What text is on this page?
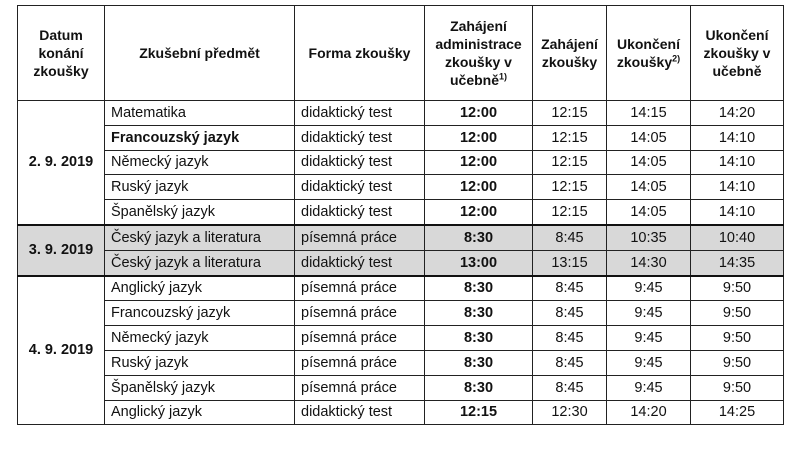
Datum konání zkoušky	Zkušební předmět	Forma zkoušky	Zahájení administrace zkoušky v učebně$^{1)}$	Zahájení zkoušky	Ukončení zkoušky$^{2)}$	Ukončení zkoušky v učebně
2. 9. 2019	Matematika	didaktický test	12:00	12:15	14:15	14:20
	Francouzský jazyk	didaktický test	12:00	12:15	14:05	14:10
	Německý jazyk	didaktický test	12:00	12:15	14:05	14:10
	Ruský jazyk	didaktický test	12:00	12:15	14:05	14:10
	Španělský jazyk	didaktický test	12:00	12:15	14:05	14:10
3. 9. 2019	Český jazyk a literatura	písemná práce	8:30	8:45	10:35	10:40
	Český jazyk a literatura	didaktický test	13:00	13:15	14:30	14:35
4. 9. 2019	Anglický jazyk	písemná práce	8:30	8:45	9:45	9:50
	Francouzský jazyk	písemná práce	8:30	8:45	9:45	9:50
	Německý jazyk	písemná práce	8:30	8:45	9:45	9:50
	Ruský jazyk	písemná práce	8:30	8:45	9:45	9:50
	Španělský jazyk	písemná práce	8:30	8:45	9:45	9:50
	Anglický jazyk	didaktický test	12:15	12:30	14:20	14:25
